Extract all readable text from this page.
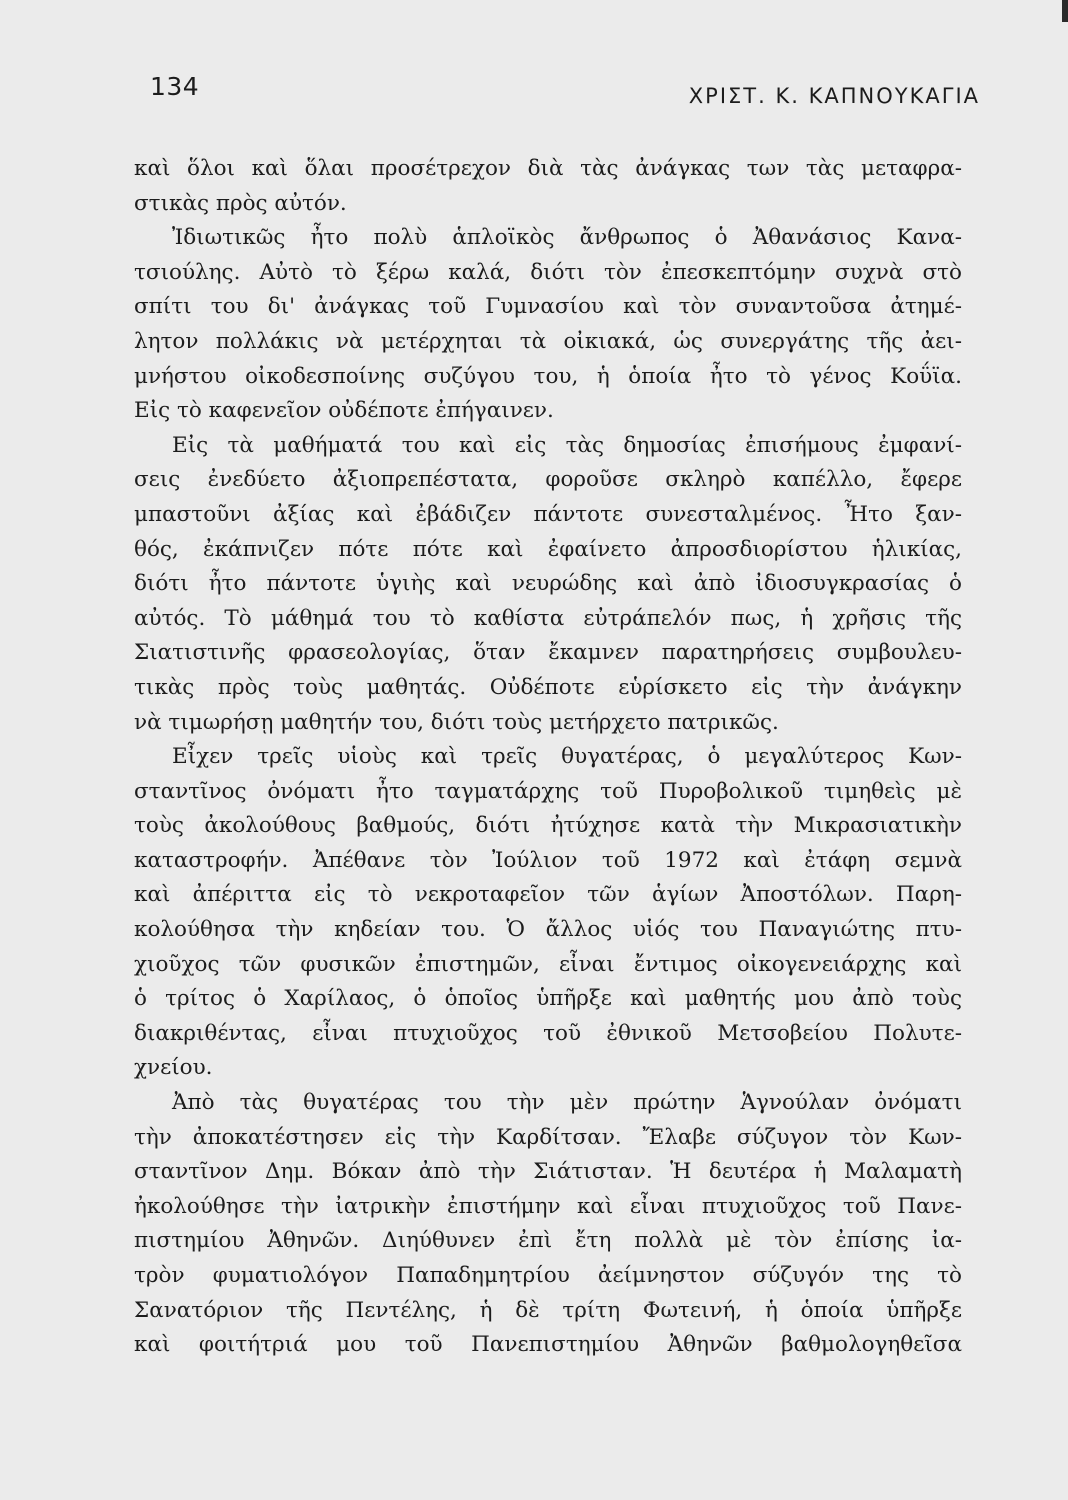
134	ΧΡΙΣΤ. Κ. ΚΑΠΝΟΥΚΑΓΙΑ
καὶ ὅλοι καὶ ὅλαι προσέτρεχον διὰ τὰς ἀνάγκας των τὰς μεταφρα-
στικὰς πρὸς αὐτόν.
Ἰδιωτικῶς ἦτο πολὺ ἁπλοϊκὸς ἄνθρωπος ὁ Ἀθανάσιος Κανα-
τσιούλης. Αὐτὸ τὸ ξέρω καλά, διότι τὸν ἐπεσκεπτόμην συχνὰ στὸ
σπίτι του δι' ἀνάγκας τοῦ Γυμνασίου καὶ τὸν συναντοῦσα ἀτημέ-
λητον πολλάκις νὰ μετέρχηται τὰ οἰκιακά, ὡς συνεργάτης τῆς ἀει-
μνήστου οἰκοδεσποίνης συζύγου του, ἡ ὁποία ἦτο τὸ γένος Κοΰϊα.
Εἰς τὸ καφενεῖον οὐδέποτε ἐπήγαινεν.
Εἰς τὰ μαθήματά του καὶ εἰς τὰς δημοσίας ἐπισήμους ἐμφανί-
σεις ἐνεδύετο ἀξιοπρεπέστατα, φοροῦσε σκληρὸ καπέλλο, ἔφερε
μπαστοῦνι ἀξίας καὶ ἐβάδιζεν πάντοτε συνεσταλμένος. Ἦτο ξαν-
θός, ἐκάπνιζεν πότε πότε καὶ ἐφαίνετο ἀπροσδιορίστου ἡλικίας,
διότι ἦτο πάντοτε ὑγιὴς καὶ νευρώδης καὶ ἀπὸ ἰδιοσυγκρασίας ὁ
αὐτός. Τὸ μάθημά του τὸ καθίστα εὐτράπελόν πως, ἡ χρῆσις τῆς
Σιατιστινῆς φρασεολογίας, ὅταν ἔκαμνεν παρατηρήσεις συμβουλευ-
τικὰς πρὸς τοὺς μαθητάς. Οὐδέποτε εὑρίσκετο εἰς τὴν ἀνάγκην
νὰ τιμωρήσῃ μαθητήν του, διότι τοὺς μετήρχετο πατρικῶς.
Εἶχεν τρεῖς υἱοὺς καὶ τρεῖς θυγατέρας, ὁ μεγαλύτερος Κων-
σταντῖνος ὀνόματι ἦτο ταγματάρχης τοῦ Πυροβολικοῦ τιμηθεὶς μὲ
τοὺς ἀκολούθους βαθμούς, διότι ἠτύχησε κατὰ τὴν Μικρασιατικὴν
καταστροφήν. Ἀπέθανε τὸν Ἰούλιον τοῦ 1972 καὶ ἐτάφη σεμνὰ
καὶ ἀπέριττα εἰς τὸ νεκροταφεῖον τῶν ἁγίων Ἀποστόλων. Παρη-
κολούθησα τὴν κηδείαν του. Ὁ ἄλλος υἱός του Παναγιώτης πτυ-
χιοῦχος τῶν φυσικῶν ἐπιστημῶν, εἶναι ἔντιμος οἰκογενειάρχης καὶ
ὁ τρίτος ὁ Χαρίλαος, ὁ ὁποῖος ὑπῆρξε καὶ μαθητής μου ἀπὸ τοὺς
διακριθέντας, εἶναι πτυχιοῦχος τοῦ ἐθνικοῦ Μετσοβείου Πολυτε-
χνείου.
Ἀπὸ τὰς θυγατέρας του τὴν μὲν πρώτην Ἁγνούλαν ὀνόματι
τὴν ἀποκατέστησεν εἰς τὴν Καρδίτσαν. Ἔλαβε σύζυγον τὸν Κων-
σταντῖνον Δημ. Βόκαν ἀπὸ τὴν Σιάτισταν. Ἡ δευτέρα ἡ Μαλαματὴ
ἠκολούθησε τὴν ἰατρικὴν ἐπιστήμην καὶ εἶναι πτυχιοῦχος τοῦ Πανε-
πιστημίου Ἀθηνῶν. Διηύθυνεν ἐπὶ ἔτη πολλὰ μὲ τὸν ἐπίσης ἰα-
τρὸν φυματιολόγον Παπαδημητρίου ἀείμνηστον σύζυγόν της τὸ
Σανατόριον τῆς Πεντέλης, ἡ δὲ τρίτη Φωτεινή, ἡ ὁποία ὑπῆρξε
καὶ φοιτήτριά μου τοῦ Πανεπιστημίου Ἀθηνῶν βαθμολογηθεῖσα
